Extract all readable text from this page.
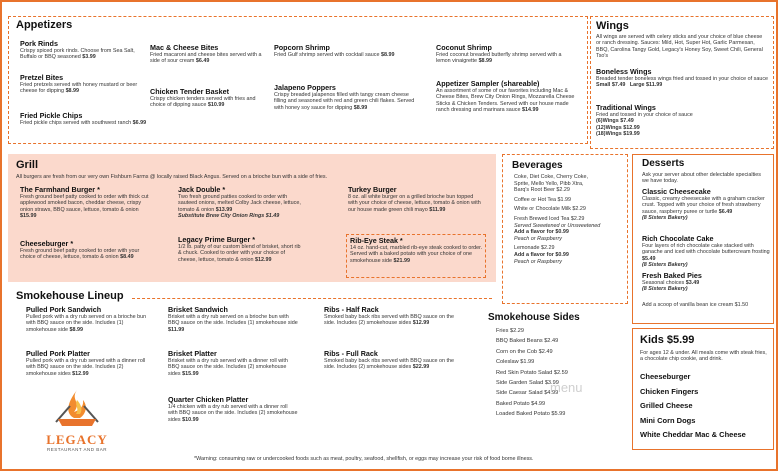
Appetizers
Pork Rinds
Crispy spiced pork rinds. Choose from Sea Salt, Buffalo or BBQ seasoned $3.99
Pretzel Bites
Fried pretzels served with honey mustard or beer cheese for dipping $8.99
Fried Pickle Chips
Fried pickle chips served with southwest ranch $6.99
Mac & Cheese Bites
Fried macaroni and cheese bites served with a side of sour cream $6.49
Chicken Tender Basket
Crispy chicken tenders served with fries and choice of dipping sauce $10.99
Popcorn Shrimp
Fried Gulf shrimp served with cocktail sauce $8.99
Jalapeno Poppers
Crispy breaded jalapenos filled with tangy cream cheese filling and seasoned with red and green chili flakes. Served with honey soy sauce for dipping $8.99
Coconut Shrimp
Fried coconut breaded butterfly shrimp served with a lemon vinaigrette $8.99
Appetizer Sampler (shareable)
An assortment of some of our favorites including Mac & Cheese Bites, Brew City Onion Rings, Mozzarella Cheese Sticks & Chicken Tenders. Served with our house made ranch dressing and marinara sauce $14.99
Wings
All wings are served with celery sticks and your choice of blue cheese or ranch dressing. Sauces: Mild, Hot, Super Hot, Garlic Parmesan, BBQ, Carolina Tangy Gold, Legacy's Honey Soy, Sweet Chili, General Tso's
Boneless Wings
Breaded tender boneless wings fried and tossed in your choice of sauce
Small $7.49 Large $11.99
Traditional Wings
Fried and tossed in your choice of sauce
(6)Wings $7.49
(12)Wings $12.99
(18)Wings $19.99
Grill
All burgers are fresh from our very own Fishburn Farms @ locally raised Black Angus. Served on a brioche bun with a side of fries.
The Farmhand Burger *
Fresh ground beef patty cooked to order with thick cut applewood smoked bacon, cheddar cheese, crispy onion straws, BBQ sauce, lettuce, tomato & onion $15.99
Cheeseburger *
Fresh ground beef patty cooked to order with your choice of cheese, lettuce, tomato & onion $8.49
Jack Double *
Two fresh ground patties cooked to order with sauteed onions, melted Colby Jack cheese, lettuce, tomato & onion $13.99
Substitute Brew City Onion Rings $1.49
Legacy Prime Burger *
1/2 lb. patty of our custom blend of brisket, short rib & chuck. Cooked to order with your choice of cheese, lettuce, tomato & onion $12.99
Turkey Burger
8 oz. all white burger on a grilled brioche bun topped with your choice of cheese, lettuce, tomato & onion with our house made green chili mayo $11.99
Rib-Eye Steak *
14 oz. hand-cut, marbled rib-eye steak cooked to order. Served with a baked potato with your choice of one smokehouse side $21.99
Beverages
Coke, Diet Coke, Cherry Coke,
Sprite, Mello Yello, Pibb Xtra,
Barq's Root Beer $2.29
Coffee or Hot Tea $1.99
White or Chocolate Milk $2.29
Fresh Brewed Iced Tea $2.29
Served Sweetened or Unsweetened
Add a flavor for $0.99
Peach or Raspberry
Lemonade $2.29
Add a flavor for $0.99
Peach or Raspberry
Desserts
Ask your server about other delectable specialties we have today.
Classic Cheesecake
Classic, creamy cheesecake with a graham cracker crust. Topped with your choice of fresh strawberry sauce, raspberry puree or turtle $6.49
(8 Sisters Bakery)
Rich Chocolate Cake
Four layers of rich chocolate cake stacked with ganache and iced with chocolate buttercream frosting $5.49
(8 Sisters Bakery)
Fresh Baked Pies
Seasonal choices $3.49
(8 Sisters Bakery)
Add a scoop of vanilla bean ice cream $1.50
Smokehouse Lineup
Pulled Pork Sandwich
Pulled pork with a dry rub served on a brioche bun with BBQ sauce on the side. Includes (1) smokehouse side $8.99
Pulled Pork Platter
Pulled pork with a dry rub served with a dinner roll with BBQ sauce on the side. Includes (2) smokehouse sides $12.99
Brisket Sandwich
Brisket with a dry rub served on a brioche bun with BBQ sauce on the side. Includes (1) smokehouse side $11.99
Brisket Platter
Brisket with a dry rub served with a dinner roll with BBQ sauce on the side. Includes (2) smokehouse sides $15.99
Quarter Chicken Platter
1/4 chicken with a dry rub served with a dinner roll with BBQ sauce on the side. Includes (2) smokehouse sides $10.99
Ribs - Half Rack
Smoked baby back ribs served with BBQ sauce on the side. Includes (2) smokehouse sides $12.99
Ribs - Full Rack
Smoked baby back ribs served with BBQ sauce on the side. Includes (2) smokehouse sides $22.99
Smokehouse Sides
Fries $2.29
BBQ Baked Beans $2.49
Corn on the Cob $2.49
Coleslaw $1.99
Red Skin Potato Salad $2.59
Side Garden Salad $3.99
Side Caesar Salad $4.99
Baked Potato $4.99
Loaded Baked Potato $5.99
menu
Kids $5.99
For ages 12 & under. All meals come with steak fries, a chocolate chip cookie, and drink.
Cheeseburger
Chicken Fingers
Grilled Cheese
Mini Corn Dogs
White Cheddar Mac & Cheese
LEGACY
RESTAURANT AND BAR
*Warning: consuming raw or undercooked foods such as meat, poultry, seafood, shellfish, or eggs may increase your risk of food borne illness.
